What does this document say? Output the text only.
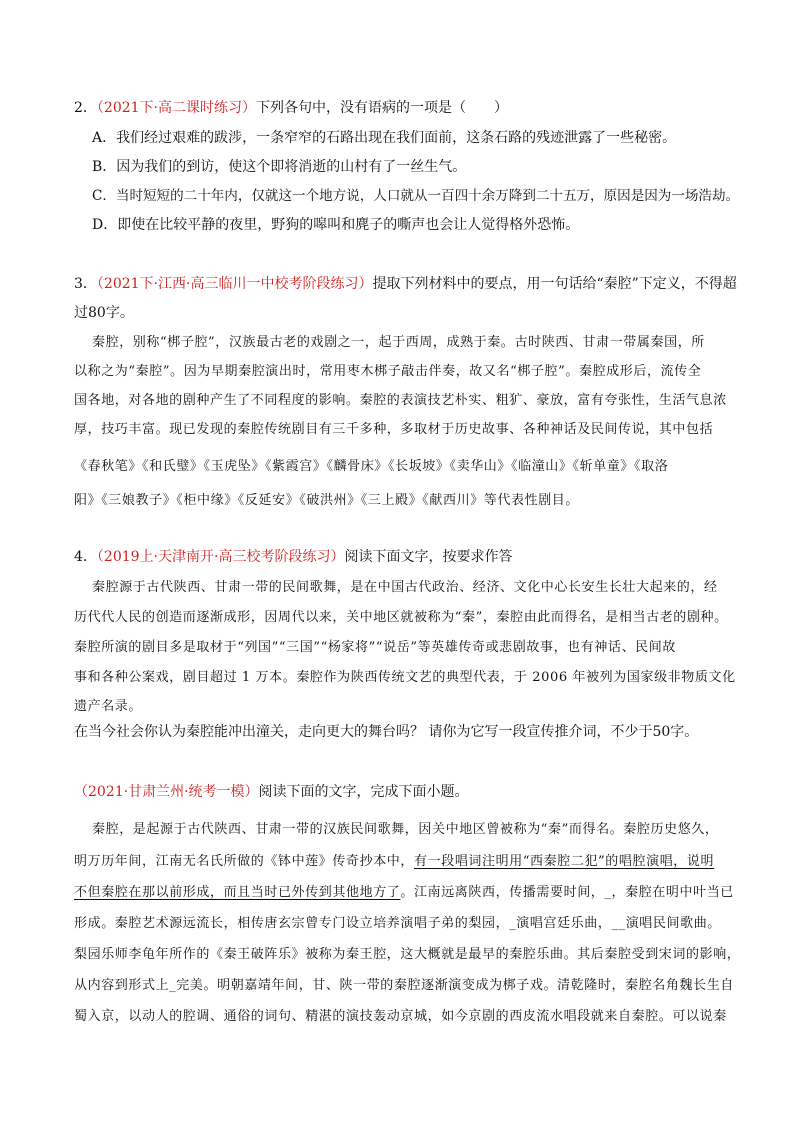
2．（2021下·高二课时练习）下列各句中，没有语病的一项是（　　）
A．我们经过艰难的跋涉，一条窄窄的石路出现在我们面前，这条石路的残迹泄露了一些秘密。
B．因为我们的到访，使这个即将消逝的山村有了一丝生气。
C．当时短短的二十年内，仅就这一个地方说，人口就从一百四十余万降到二十五万，原因是因为一场浩劫。
D．即使在比较平静的夜里，野狗的嗥叫和麂子的嘶声也会让人觉得格外恐怖。
3．（2021下·江西·高三临川一中校考阶段练习）提取下列材料中的要点，用一句话给“秦腔”下定义，不得超
过80字。
秦腔，别称“梆子腔”，汉族最古老的戏剧之一，起于西周，成熟于秦。古时陕西、甘肃一带属秦国，所
以称之为“秦腔”。因为早期秦腔演出时，常用枣木梆子敲击伴奏，故又名“梆子腔”。秦腔成形后，流传全
国各地，对各地的剧种产生了不同程度的影响。秦腔的表演技艺朴实、粗犷、豪放，富有夸张性，生活气息浓
厚，技巧丰富。现已发现的秦腔传统剧目有三千多种，多取材于历史故事、各种神话及民间传说，其中包括
《春秋笔》《和氏璧》《玉虎坠》《紫霞宫》《麟骨床》《长坂坡》《卖华山》《临潼山》《斩单童》《取洛
阳》《三娘教子》《柜中缘》《反延安》《破洪州》《三上殿》《献西川》等代表性剧目。
4．（2019上·天津南开·高三校考阶段练习）阅读下面文字，按要求作答
秦腔源于古代陕西、甘肃一带的民间歌舞，是在中国古代政治、经济、文化中心长安生长壮大起来的，经
历代代人民的创造而逐渐成形，因周代以来，关中地区就被称为“秦”，秦腔由此而得名，是相当古老的剧种。
秦腔所演的剧目多是取材于“列国”“三国”“杨家将”“说岳”等英雄传奇或悲剧故事，也有神话、民间故
事和各种公案戏，剧目超过 1 万本。秦腔作为陕西传统文艺的典型代表，于 2006 年被列为国家级非物质文化
遗产名录。
在当今社会你认为秦腔能冲出潼关，走向更大的舞台吗？ 请你为它写一段宣传推介词，不少于50字。
（2021·甘肃兰州·统考一模）阅读下面的文字，完成下面小题。
秦腔，是起源于古代陕西、甘肃一带的汉族民间歌舞，因关中地区曾被称为“秦”而得名。秦腔历史悠久，
明万历年间，江南无名氏所做的《钵中莲》传奇抄本中，有一段唱词注明用“西秦腔二犯”的唱腔演唱，说明
不但秦腔在那以前形成，而且当时已外传到其他地方了。江南远离陕西，传播需要时间，_，秦腔在明中叶当已
形成。秦腔艺术源远流长，相传唐玄宗曾专门设立培养演唱子弟的梨园，_演唱宫廷乐曲，__演唱民间歌曲。
梨园乐师李龟年所作的《秦王破阵乐》被称为秦王腔，这大概就是最早的秦腔乐曲。其后秦腔受到宋词的影响，
从内容到形式上_完美。明朝嘉靖年间，甘、陕一带的秦腔逐渐演变成为梆子戏。清乾隆时，秦腔名角魏长生自
蜀入京，以动人的腔调、通俗的词句、精湛的演技轰动京城，如今京剧的西皮流水唱段就来自秦腔。可以说秦
